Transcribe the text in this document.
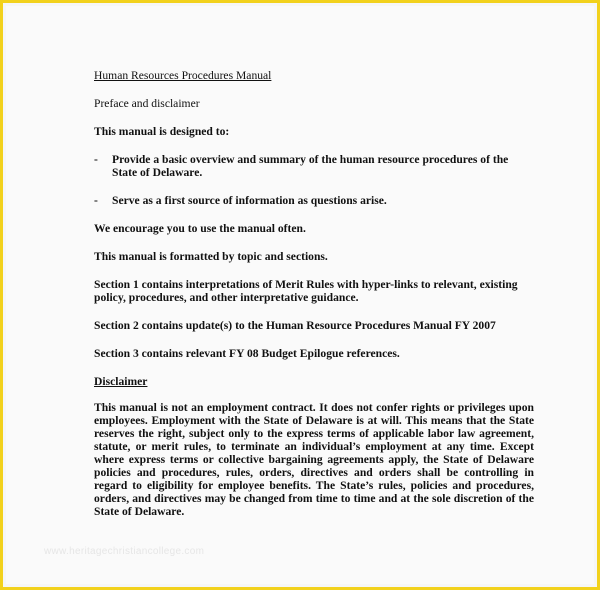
Human Resources Procedures Manual

Preface and disclaimer

This manual is designed to:

-	Provide a basic overview and summary of the human resource procedures of the State of Delaware.
-	Serve as a first source of information as questions arise.

We encourage you to use the manual often.

This manual is formatted by topic and sections.

Section 1 contains interpretations of Merit Rules with hyper-links to relevant, existing policy, procedures, and other interpretative guidance.

Section 2 contains update(s) to the Human Resource Procedures Manual FY 2007

Section 3 contains relevant FY 08 Budget Epilogue references.

Disclaimer

This manual is not an employment contract. It does not confer rights or privileges upon employees. Employment with the State of Delaware is at will. This means that the State reserves the right, subject only to the express terms of applicable labor law agreement, statute, or merit rules, to terminate an individual’s employment at any time. Except where express terms or collective bargaining agreements apply, the State of Delaware policies and procedures, rules, orders, directives and orders shall be controlling in regard to eligibility for employee benefits. The State’s rules, policies and procedures, orders, and directives may be changed from time to time and at the sole discretion of the State of Delaware.

www.heritagechristiancollege.com
